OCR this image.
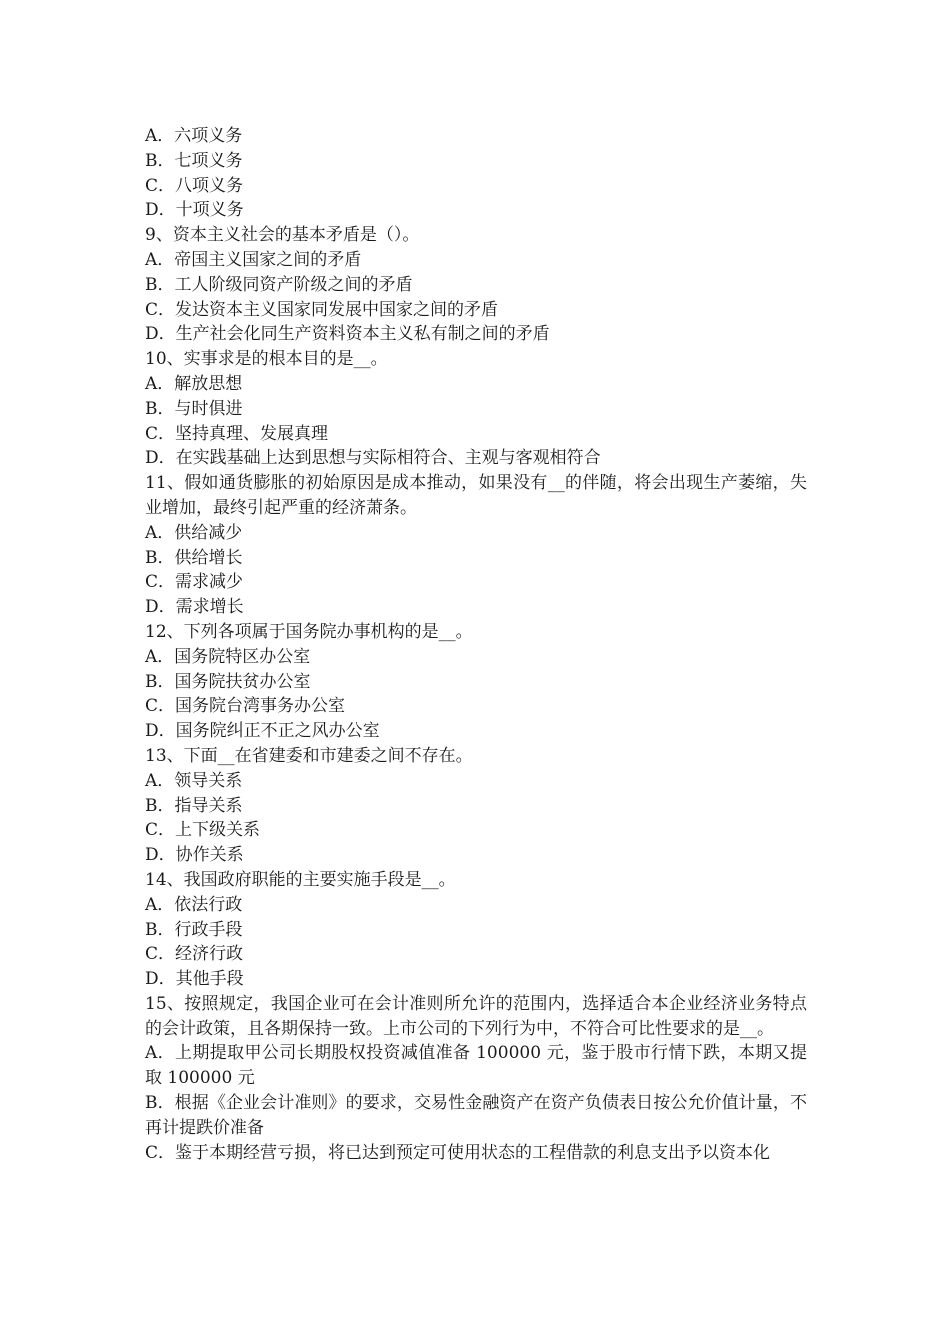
A．六项义务

B．七项义务

C．八项义务

D．十项义务

9、资本主义社会的基本矛盾是（）。

A．帝国主义国家之间的矛盾

B．工人阶级同资产阶级之间的矛盾

C．发达资本主义国家同发展中国家之间的矛盾

D．生产社会化同生产资料资本主义私有制之间的矛盾

10、实事求是的根本目的是__。

A．解放思想

B．与时俱进

C．坚持真理、发展真理

D．在实践基础上达到思想与实际相符合、主观与客观相符合

11、假如通货膨胀的初始原因是成本推动，如果没有__的伴随，将会出现生产萎缩，失业增加，最终引起严重的经济萧条。

A．供给减少

B．供给增长

C．需求减少

D．需求增长

12、下列各项属于国务院办事机构的是__。

A．国务院特区办公室

B．国务院扶贫办公室

C．国务院台湾事务办公室

D．国务院纠正不正之风办公室

13、下面__在省建委和市建委之间不存在。

A．领导关系

B．指导关系

C．上下级关系

D．协作关系

14、我国政府职能的主要实施手段是__。

A．依法行政

B．行政手段

C．经济行政

D．其他手段

15、按照规定，我国企业可在会计准则所允许的范围内，选择适合本企业经济业务特点的会计政策，且各期保持一致。上市公司的下列行为中，不符合可比性要求的是__。

A．上期提取甲公司长期股权投资减值准备 100000 元，鉴于股市行情下跌，本期又提取 100000 元

B．根据《企业会计准则》的要求，交易性金融资产在资产负债表日按公允价值计量，不再计提跌价准备

C．鉴于本期经营亏损，将已达到预定可使用状态的工程借款的利息支出予以资本化
